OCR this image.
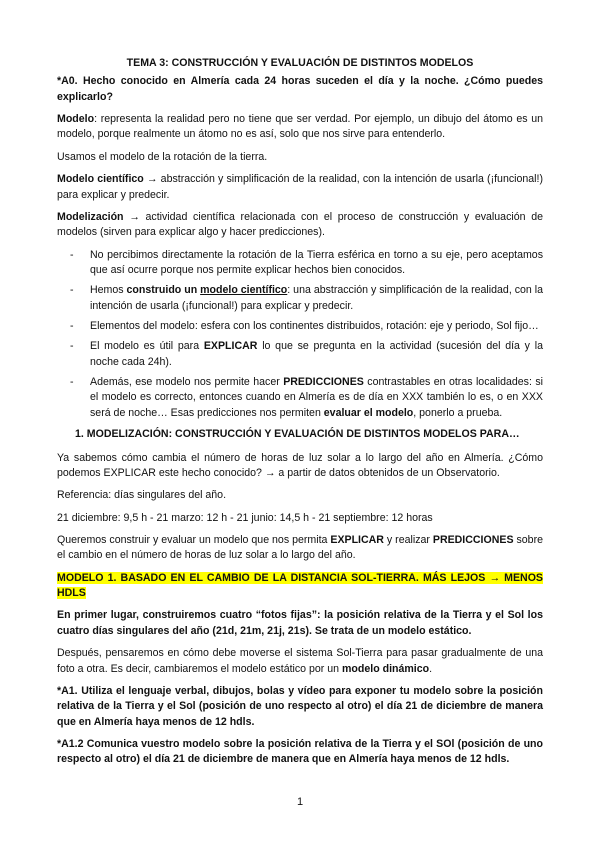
TEMA 3: CONSTRUCCIÓN Y EVALUACIÓN DE DISTINTOS MODELOS

*A0. Hecho conocido en Almería cada 24 horas suceden el día y la noche. ¿Cómo puedes explicarlo?

Modelo: representa la realidad pero no tiene que ser verdad. Por ejemplo, un dibujo del átomo es un modelo, porque realmente un átomo no es así, solo que nos sirve para entenderlo.

Usamos el modelo de la rotación de la tierra.

Modelo científico → abstracción y simplificación de la realidad, con la intención de usarla (¡funcional!) para explicar y predecir.

Modelización → actividad científica relacionada con el proceso de construcción y evaluación de modelos (sirven para explicar algo y hacer predicciones).

- No percibimos directamente la rotación de la Tierra esférica en torno a su eje, pero aceptamos que así ocurre porque nos permite explicar hechos bien conocidos.
- Hemos construido un modelo científico: una abstracción y simplificación de la realidad, con la intención de usarla (¡funcional!) para explicar y predecir.
- Elementos del modelo: esfera con los continentes distribuidos, rotación: eje y periodo, Sol fijo…
- El modelo es útil para EXPLICAR lo que se pregunta en la actividad (sucesión del día y la noche cada 24h).
- Además, ese modelo nos permite hacer PREDICCIONES contrastables en otras localidades: si el modelo es correcto, entonces cuando en Almería es de día en XXX también lo es, o en XXX será de noche… Esas predicciones nos permiten evaluar el modelo, ponerlo a prueba.

1. MODELIZACIÓN: CONSTRUCCIÓN Y EVALUACIÓN DE DISTINTOS MODELOS PARA…

Ya sabemos cómo cambia el número de horas de luz solar a lo largo del año en Almería. ¿Cómo podemos EXPLICAR este hecho conocido? → a partir de datos obtenidos de un Observatorio.

Referencia: días singulares del año.

21 diciembre: 9,5 h - 21 marzo: 12 h - 21 junio: 14,5 h - 21 septiembre: 12 horas

Queremos construir y evaluar un modelo que nos permita EXPLICAR y realizar PREDICCIONES sobre el cambio en el número de horas de luz solar a lo largo del año.

MODELO 1. BASADO EN EL CAMBIO DE LA DISTANCIA SOL-TIERRA. MÁS LEJOS → MENOS HDLS

En primer lugar, construiremos cuatro “fotos fijas”: la posición relativa de la Tierra y el Sol los cuatro días singulares del año (21d, 21m, 21j, 21s). Se trata de un modelo estático.

Después, pensaremos en cómo debe moverse el sistema Sol-Tierra para pasar gradualmente de una foto a otra. Es decir, cambiaremos el modelo estático por un modelo dinámico.

*A1. Utiliza el lenguaje verbal, dibujos, bolas y vídeo para exponer tu modelo sobre la posición relativa de la Tierra y el Sol (posición de uno respecto al otro) el día 21 de diciembre de manera que en Almería haya menos de 12 hdls.

*A1.2 Comunica vuestro modelo sobre la posición relativa de la Tierra y el SOl (posición de uno respecto al otro) el día 21 de diciembre de manera que en Almería haya menos de 12 hdls.

1
